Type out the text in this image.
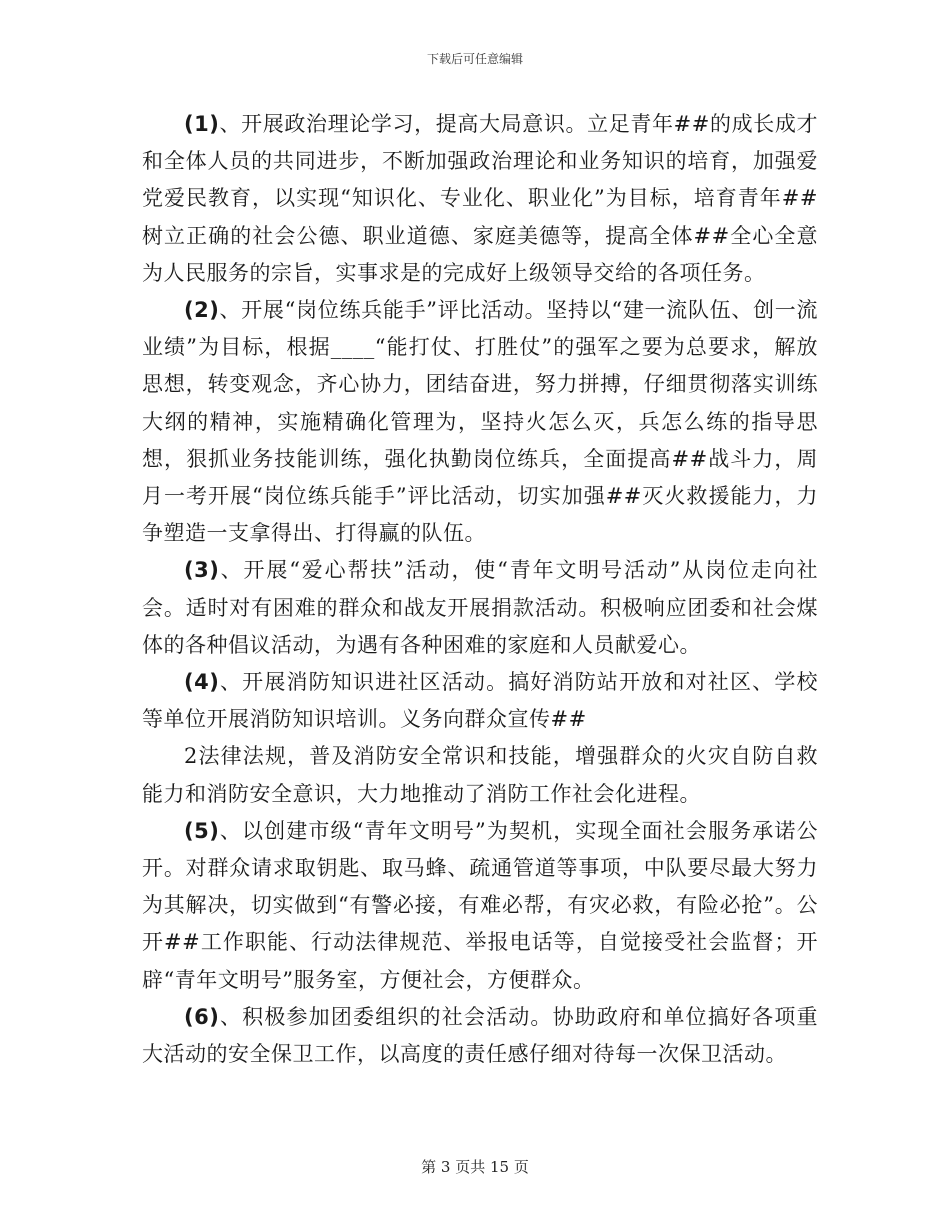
下载后可任意编辑

(1)、开展政治理论学习，提高大局意识。立足青年##的成长成才和全体人员的共同进步，不断加强政治理论和业务知识的培育，加强爱党爱民教育，以实现“知识化、专业化、职业化”为目标，培育青年##树立正确的社会公德、职业道德、家庭美德等，提高全体##全心全意为人民服务的宗旨，实事求是的完成好上级领导交给的各项任务。

(2)、开展“岗位练兵能手”评比活动。坚持以“建一流队伍、创一流业绩”为目标，根据____“能打仗、打胜仗”的强军之要为总要求，解放思想，转变观念，齐心协力，团结奋进，努力拼搏，仔细贯彻落实训练大纲的精神，实施精确化管理为，坚持火怎么灭，兵怎么练的指导思想，狠抓业务技能训练，强化执勤岗位练兵，全面提高##战斗力，周月一考开展“岗位练兵能手”评比活动，切实加强##灭火救援能力，力争塑造一支拿得出、打得赢的队伍。

(3)、开展“爱心帮扶”活动，使“青年文明号活动”从岗位走向社会。适时对有困难的群众和战友开展捐款活动。积极响应团委和社会煤体的各种倡议活动，为遇有各种困难的家庭和人员献爱心。

(4)、开展消防知识进社区活动。搞好消防站开放和对社区、学校等单位开展消防知识培训。义务向群众宣传##

2法律法规，普及消防安全常识和技能，增强群众的火灾自防自救能力和消防安全意识，大力地推动了消防工作社会化进程。

(5)、以创建市级“青年文明号”为契机，实现全面社会服务承诺公开。对群众请求取钥匙、取马蜂、疏通管道等事项，中队要尽最大努力为其解决，切实做到“有警必接，有难必帮，有灾必救，有险必抢”。公开##工作职能、行动法律规范、举报电话等，自觉接受社会监督；开辟“青年文明号”服务室，方便社会，方便群众。

(6)、积极参加团委组织的社会活动。协助政府和单位搞好各项重大活动的安全保卫工作，以高度的责任感仔细对待每一次保卫活动。

第 3 页共 15 页
